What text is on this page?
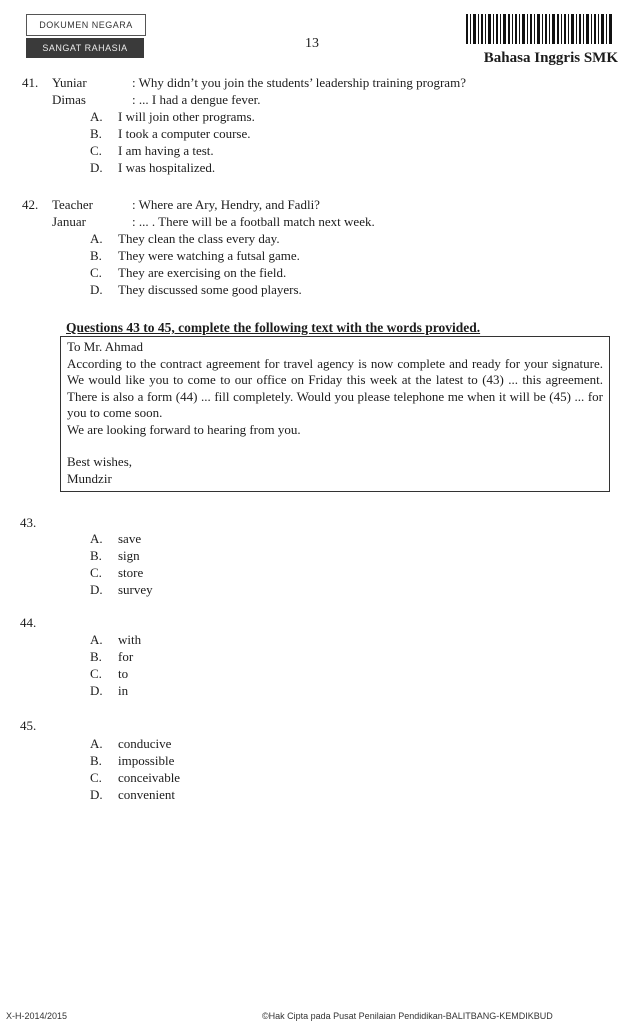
DOKUMEN NEGARA
SANGAT RAHASIA	13
Bahasa Inggris SMK
41. Yuniar	: Why didn’t you join the students’ leadership training program?
Dimas	: ... I had a dengue fever.
A. I will join other programs.
B. I took a computer course.
C. I am having a test.
D. I was hospitalized.
42. Teacher	: Where are Ary, Hendry, and Fadli?
Januar	: ... . There will be a football match next week.
A. They clean the class every day.
B. They were watching a futsal game.
C. They are exercising on the field.
D. They discussed some good players.
Questions 43 to 45, complete the following text with the words provided.

To Mr. Ahmad

According to the contract agreement for travel agency is now complete and ready for your signature. We would like you to come to our office on Friday this week at the latest to (43) ... this agreement. There is also a form (44) ... fill completely. Would you please telephone me when it will be (45) ... for you to come soon.

We are looking forward to hearing from you.

Best wishes,

Mundzir

43.
A. save
B. sign
C. store
D. survey
44.
A. with
B. for
C. to
D. in
45.
A. conducive
B. impossible
C. conceivable
D. convenient
X-H-2014/2015	©Hak Cipta pada Pusat Penilaian Pendidikan-BALITBANG-KEMDIKBUD
